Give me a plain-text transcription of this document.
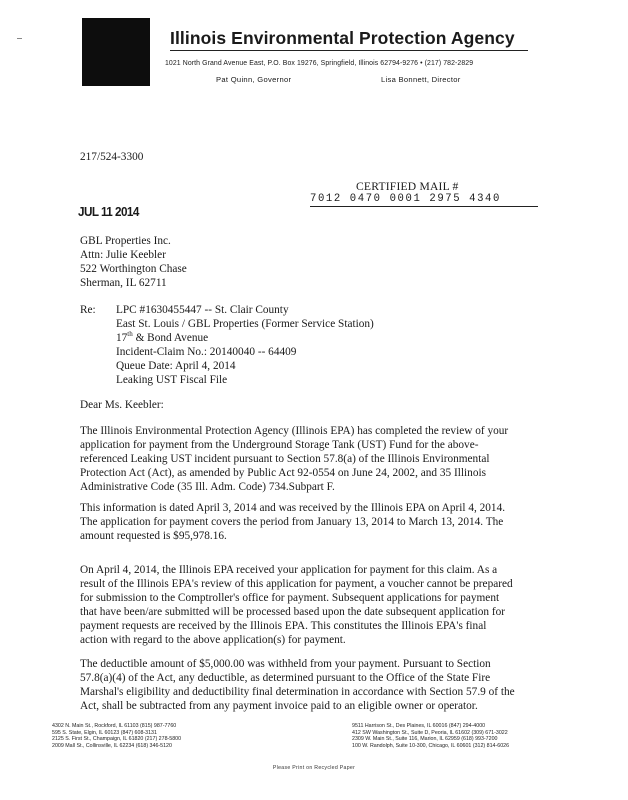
Illinois Environmental Protection Agency
1021 North Grand Avenue East, P.O. Box 19276, Springfield, Illinois 62794-9276 • (217) 782-2829
Pat Quinn, Governor	Lisa Bonnett, Director
217/524-3300
CERTIFIED MAIL #
7012 0470 0001 2975 4340
JUL 11 2014
GBL Properties Inc.
Attn: Julie Keebler
522 Worthington Chase
Sherman, IL 62711
Re: LPC #1630455447 -- St. Clair County
East St. Louis / GBL Properties (Former Service Station)
17th & Bond Avenue
Incident-Claim No.: 20140040 -- 64409
Queue Date: April 4, 2014
Leaking UST Fiscal File
Dear Ms. Keebler:
The Illinois Environmental Protection Agency (Illinois EPA) has completed the review of your
application for payment from the Underground Storage Tank (UST) Fund for the above-
referenced Leaking UST incident pursuant to Section 57.8(a) of the Illinois Environmental
Protection Act (Act), as amended by Public Act 92-0554 on June 24, 2002, and 35 Illinois
Administrative Code (35 Ill. Adm. Code) 734.Subpart F.
This information is dated April 3, 2014 and was received by the Illinois EPA on April 4, 2014.
The application for payment covers the period from January 13, 2014 to March 13, 2014. The
amount requested is $95,978.16.
On April 4, 2014, the Illinois EPA received your application for payment for this claim. As a
result of the Illinois EPA's review of this application for payment, a voucher cannot be prepared
for submission to the Comptroller's office for payment. Subsequent applications for payment
that have been/are submitted will be processed based upon the date subsequent application for
payment requests are received by the Illinois EPA. This constitutes the Illinois EPA's final
action with regard to the above application(s) for payment.
The deductible amount of $5,000.00 was withheld from your payment. Pursuant to Section
57.8(a)(4) of the Act, any deductible, as determined pursuant to the Office of the State Fire
Marshal's eligibility and deductibility final determination in accordance with Section 57.9 of the
Act, shall be subtracted from any payment invoice paid to an eligible owner or operator.
4302 N. Main St., Rockford, IL 61103 (815) 987-7760
595 S. State, Elgin, IL 60123 (847) 608-3131
2125 S. First St., Champaign, IL 61820 (217) 278-5800
2009 Mall St., Collinsville, IL 62234 (618) 346-5120
9511 Harrison St., Des Plaines, IL 60016 (847) 294-4000
412 SW Washington St., Suite D, Peoria, IL 61602 (309) 671-3022
2309 W. Main St., Suite 116, Marion, IL 62959 (618) 993-7200
100 W. Randolph, Suite 10-300, Chicago, IL 60601 (312) 814-6026
Please Print on Recycled Paper
